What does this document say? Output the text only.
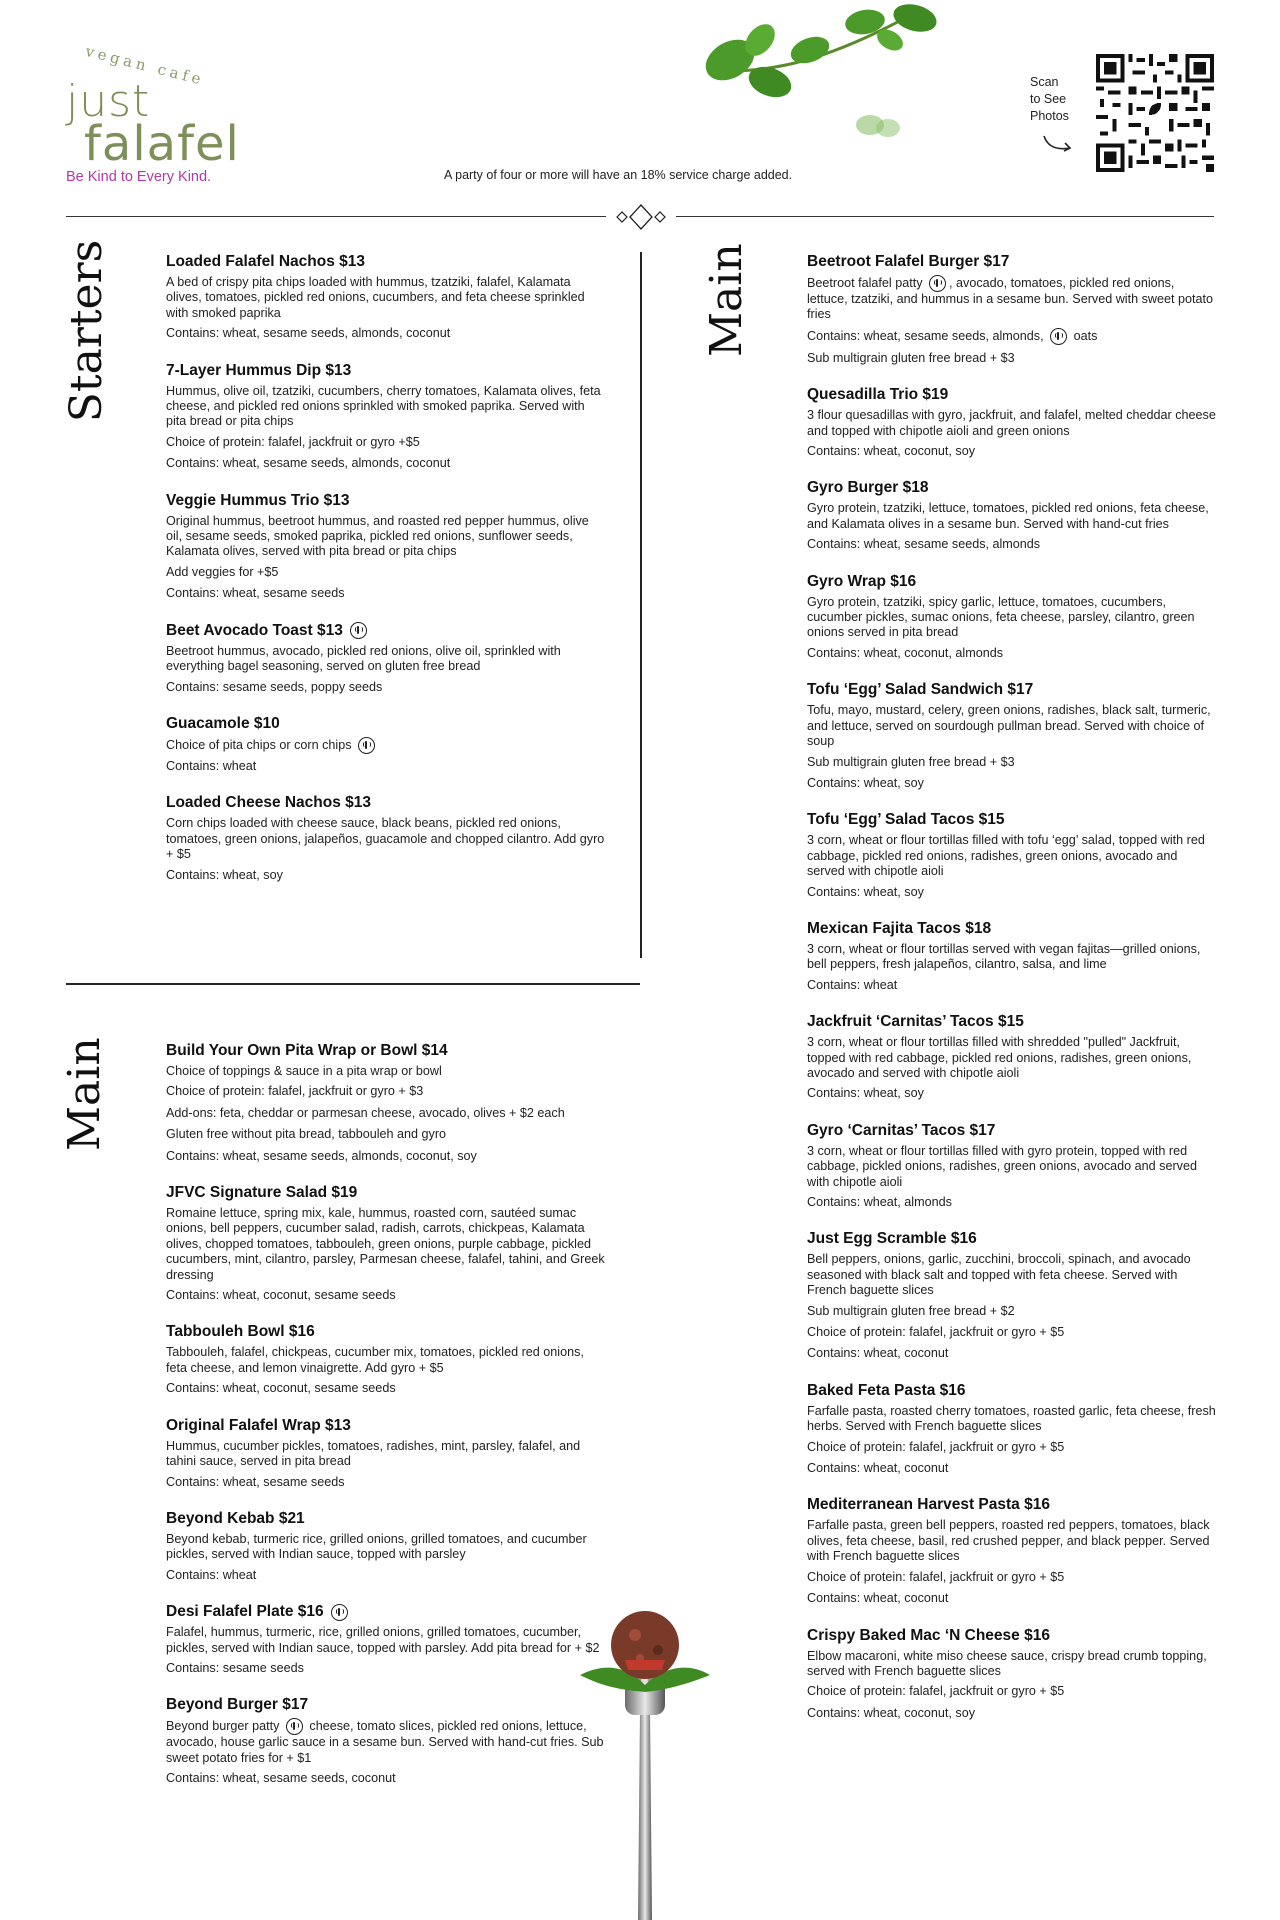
vegan cafe
just
falafel
Be Kind to Every Kind.	A party of four or more will have an 18% service charge added.
Scan
to See
Photos
Starters
Main
Main
Loaded Falafel Nachos $13

A bed of crispy pita chips loaded with hummus, tzatziki, falafel, Kalamata olives, tomatoes, pickled red onions, cucumbers, and feta cheese sprinkled with smoked paprika

Contains: wheat, sesame seeds, almonds, coconut

7-Layer Hummus Dip $13

Hummus, olive oil, tzatziki, cucumbers, cherry tomatoes, Kalamata olives, feta cheese, and pickled red onions sprinkled with smoked paprika. Served with pita bread or pita chips

Choice of protein: falafel, jackfruit or gyro +$5

Contains: wheat, sesame seeds, almonds, coconut

Veggie Hummus Trio $13

Original hummus, beetroot hummus, and roasted red pepper hummus, olive oil, sesame seeds, smoked paprika, pickled red onions, sunflower seeds, Kalamata olives, served with pita bread or pita chips

Add veggies for +$5

Contains: wheat, sesame seeds

Beet Avocado Toast $13

Beetroot hummus, avocado, pickled red onions, olive oil, sprinkled with everything bagel seasoning, served on gluten free bread

Contains: sesame seeds, poppy seeds

Guacamole $10

Choice of pita chips or corn chips

Contains: wheat

Loaded Cheese Nachos $13

Corn chips loaded with cheese sauce, black beans, pickled red onions, tomatoes, green onions, jalapeños, guacamole and chopped cilantro. Add gyro + $5

Contains: wheat, soy

Build Your Own Pita Wrap or Bowl $14

Choice of toppings & sauce in a pita wrap or bowl

Choice of protein: falafel, jackfruit or gyro + $3

Add-ons: feta, cheddar or parmesan cheese, avocado, olives + $2 each

Gluten free without pita bread, tabbouleh and gyro

Contains: wheat, sesame seeds, almonds, coconut, soy

JFVC Signature Salad $19

Romaine lettuce, spring mix, kale, hummus, roasted corn, sautéed sumac onions, bell peppers, cucumber salad, radish, carrots, chickpeas, Kalamata olives, chopped tomatoes, tabbouleh, green onions, purple cabbage, pickled cucumbers, mint, cilantro, parsley, Parmesan cheese, falafel, tahini, and Greek dressing

Contains: wheat, coconut, sesame seeds

Tabbouleh Bowl $16

Tabbouleh, falafel, chickpeas, cucumber mix, tomatoes, pickled red onions, feta cheese, and lemon vinaigrette. Add gyro + $5

Contains: wheat, coconut, sesame seeds

Original Falafel Wrap $13

Hummus, cucumber pickles, tomatoes, radishes, mint, parsley, falafel, and tahini sauce, served in pita bread

Contains: wheat, sesame seeds

Beyond Kebab $21

Beyond kebab, turmeric rice, grilled onions, grilled tomatoes, and cucumber pickles, served with Indian sauce, topped with parsley

Contains: wheat

Desi Falafel Plate $16

Falafel, hummus, turmeric, rice, grilled onions, grilled tomatoes, cucumber, pickles, served with Indian sauce, topped with parsley. Add pita bread for + $2

Contains: sesame seeds

Beyond Burger $17

Beyond burger patty  cheese, tomato slices, pickled red onions, lettuce, avocado, house garlic sauce in a sesame bun. Served with hand-cut fries. Sub sweet potato fries for + $1

Contains: wheat, sesame seeds, coconut

Beetroot Falafel Burger $17

Beetroot falafel patty , avocado, tomatoes, pickled red onions, lettuce, tzatziki, and hummus in a sesame bun. Served with sweet potato fries

Contains: wheat, sesame seeds, almonds,  oats

Sub multigrain gluten free bread + $3

Quesadilla Trio $19

3 flour quesadillas with gyro, jackfruit, and falafel, melted cheddar cheese and topped with chipotle aioli and green onions

Contains: wheat, coconut, soy

Gyro Burger $18

Gyro protein, tzatziki, lettuce, tomatoes, pickled red onions, feta cheese, and Kalamata olives in a sesame bun. Served with hand-cut fries

Contains: wheat, sesame seeds, almonds

Gyro Wrap $16

Gyro protein, tzatziki, spicy garlic, lettuce, tomatoes, cucumbers, cucumber pickles, sumac onions, feta cheese, parsley, cilantro, green onions served in pita bread

Contains: wheat, coconut, almonds

Tofu ‘Egg’ Salad Sandwich $17

Tofu, mayo, mustard, celery, green onions, radishes, black salt, turmeric, and lettuce, served on sourdough pullman bread. Served with choice of soup

Sub multigrain gluten free bread + $3

Contains: wheat, soy

Tofu ‘Egg’ Salad Tacos $15

3 corn, wheat or flour tortillas filled with tofu ‘egg’ salad, topped with red cabbage, pickled red onions, radishes, green onions, avocado and served with chipotle aioli

Contains: wheat, soy

Mexican Fajita Tacos $18

3 corn, wheat or flour tortillas served with vegan fajitas—grilled onions, bell peppers, fresh jalapeños, cilantro, salsa, and lime

Contains: wheat

Jackfruit ‘Carnitas’ Tacos $15

3 corn, wheat or flour tortillas filled with shredded "pulled" Jackfruit, topped with red cabbage, pickled red onions, radishes, green onions, avocado and served with chipotle aioli

Contains: wheat, soy

Gyro ‘Carnitas’ Tacos $17

3 corn, wheat or flour tortillas filled with gyro protein, topped with red cabbage, pickled onions, radishes, green onions, avocado and served with chipotle aioli

Contains: wheat, almonds

Just Egg Scramble $16

Bell peppers, onions, garlic, zucchini, broccoli, spinach, and avocado seasoned with black salt and topped with feta cheese. Served with French baguette slices

Sub multigrain gluten free bread + $2

Choice of protein: falafel, jackfruit or gyro + $5

Contains: wheat, coconut

Baked Feta Pasta $16

Farfalle pasta, roasted cherry tomatoes, roasted garlic, feta cheese, fresh herbs. Served with French baguette slices

Choice of protein: falafel, jackfruit or gyro + $5

Contains: wheat, coconut

Mediterranean Harvest Pasta $16

Farfalle pasta, green bell peppers, roasted red peppers, tomatoes, black olives, feta cheese, basil, red crushed pepper, and black pepper. Served with French baguette slices

Choice of protein: falafel, jackfruit or gyro + $5

Contains: wheat, coconut

Crispy Baked Mac ‘N Cheese $16

Elbow macaroni, white miso cheese sauce, crispy bread crumb topping, served with French baguette slices

Choice of protein: falafel, jackfruit or gyro + $5

Contains: wheat, coconut, soy
